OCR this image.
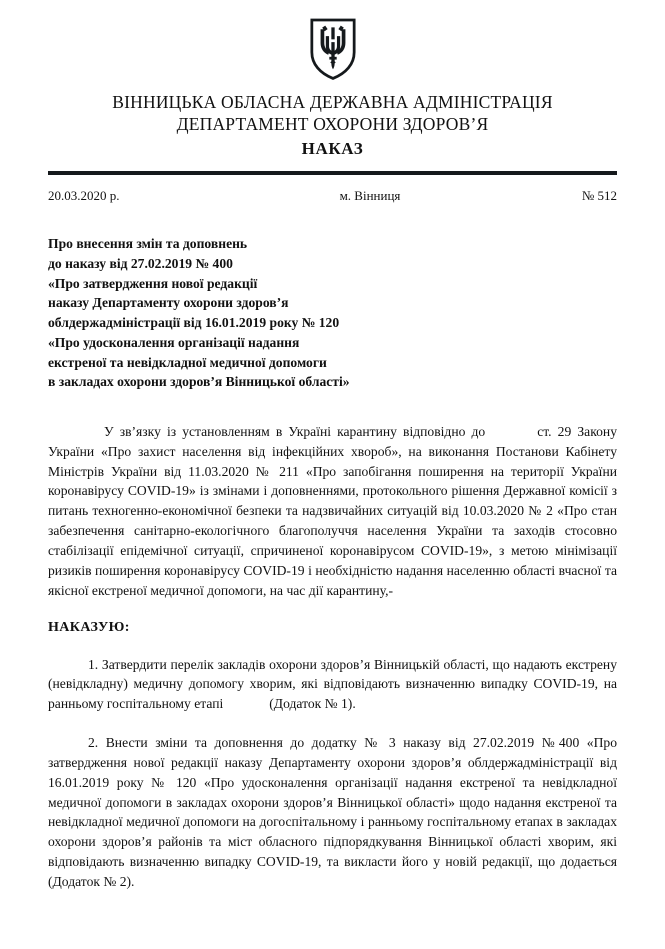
ВІННИЦЬКА ОБЛАСНА ДЕРЖАВНА АДМІНІСТРАЦІЯ
ДЕПАРТАМЕНТ ОХОРОНИ ЗДОРОВ’Я
НАКАЗ
20.03.2020 р.	м. Вінниця	№ 512
Про внесення змін та доповнень
до наказу від 27.02.2019 № 400
«Про затвердження нової редакції
наказу Департаменту охорони здоров’я
облдержадміністрації від 16.01.2019 року № 120
«Про удосконалення організації надання
екстреної та невідкладної медичної допомоги
в закладах охорони здоров’я Вінницької області»

У зв’язку із установленням в Україні карантину відповідно до	ст. 29 Закону України «Про захист населення від інфекційних хвороб», на виконання Постанови Кабінету Міністрів України від 11.03.2020 № 211 «Про запобігання поширення на території України коронавірусу COVID-19» із змінами і доповненнями, протокольного рішення Державної комісії з питань техногенно-економічної безпеки та надзвичайних ситуацій від 10.03.2020 № 2 «Про стан забезпечення санітарно-екологічного благополуччя населення України та заходів стосовно стабілізації епідемічної ситуації, спричиненої коронавірусом COVID-19», з метою мінімізації ризиків поширення коронавірусу COVID-19 і необхідністю надання населенню області вчасної та якісної екстреної медичної допомоги, на час дії карантину,-

НАКАЗУЮ:

1. Затвердити перелік закладів охорони здоров’я Вінницькій області, що надають екстрену (невідкладну) медичну допомогу хворим, які відповідають визначенню випадку COVID-19, на ранньому госпітальному етапі	(Додаток № 1).

2. Внести зміни та доповнення до додатку № 3 наказу від 27.02.2019 №400 «Про затвердження нової редакції наказу Департаменту охорони здоров’я облдержадміністрації від 16.01.2019 року № 120 «Про удосконалення організації надання екстреної та невідкладної медичної допомоги в закладах охорони здоров’я Вінницької області» щодо надання екстреної та невідкладної медичної допомоги на догоспітальному і ранньому госпітальному етапах в закладах охорони здоров’я районів та міст обласного підпорядкування Вінницької області хворим, які відповідають визначенню випадку COVID-19, та викласти його у новій редакції, що додається (Додаток № 2).
